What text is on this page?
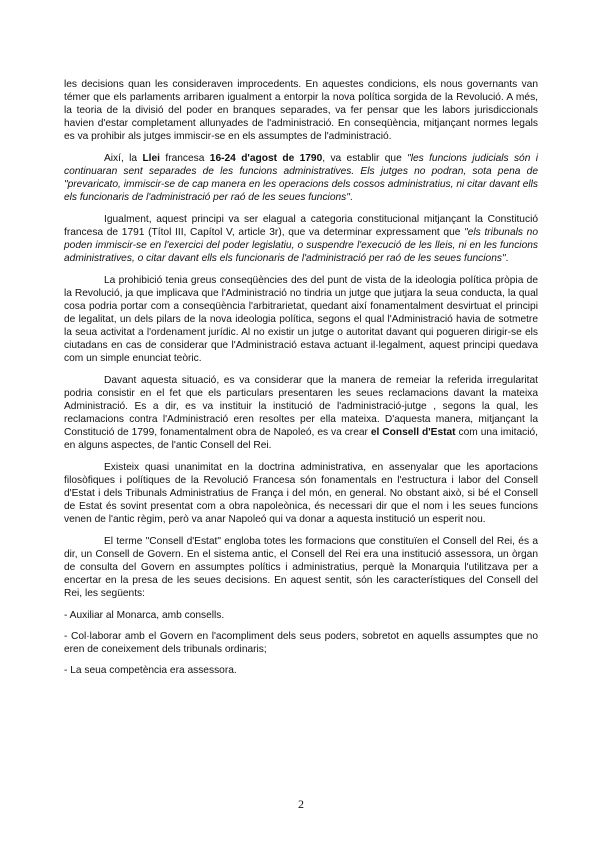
les decisions quan les consideraven improcedents. En aquestes condicions, els nous governants van témer que els parlaments arribaren igualment a entorpir la nova política sorgida de la Revolució. A més, la teoria de la divisió del poder en branques separades, va fer pensar que les labors jurisdiccionals havien d'estar completament allunyades de l'administració. En conseqüència, mitjançant normes legals es va prohibir als jutges immiscir-se en els assumptes de l'administració.

Així, la Llei francesa 16-24 d'agost de 1790, va establir que "les funcions judicials són i continuaran sent separades de les funcions administratives. Els jutges no podran, sota pena de "prevaricato, immiscir-se de cap manera en les operacions dels cossos administratius, ni citar davant ells els funcionaris de l'administració per raó de les seues funcions".

Igualment, aquest principi va ser elagual a categoria constitucional mitjançant la Constitució francesa de 1791 (Títol III, Capítol V, article 3r), que va determinar expressament que "els tribunals no poden immiscir-se en l'exercici del poder legislatiu, o suspendre l'execució de les lleis, ni en les funcions administratives, o citar davant ells els funcionaris de l'administració per raó de les seues funcions".

La prohibició tenia greus conseqüències des del punt de vista de la ideologia política pròpia de la Revolució, ja que implicava que l'Administració no tindria un jutge que jutjara la seua conducta, la qual cosa podria portar com a conseqüència l'arbitrarietat, quedant així fonamentalment desvirtuat el principi de legalitat, un dels pilars de la nova ideologia política, segons el qual l'Administració havia de sotmetre la seua activitat a l'ordenament jurídic. Al no existir un jutge o autoritat davant qui pogueren dirigir-se els ciutadans en cas de considerar que l'Administració estava actuant il·legalment, aquest principi quedava com un simple enunciat teòric.

Davant aquesta situació, es va considerar que la manera de remeiar la referida irregularitat podria consistir en el fet que els particulars presentaren les seues reclamacions davant la mateixa Administració. Es a dir, es va instituir la institució de l'administració-jutge , segons la qual, les reclamacions contra l'Administració eren resoltes per ella mateixa. D'aquesta manera, mitjançant la Constitució de 1799, fonamentalment obra de Napoleó, es va crear el Consell d'Estat com una imitació, en alguns aspectes, de l'antic Consell del Rei.

Existeix quasi unanimitat en la doctrina administrativa, en assenyalar que les aportacions filosòfiques i polítiques de la Revolució Francesa són fonamentals en l'estructura i labor del Consell d'Estat i dels Tribunals Administratius de França i del món, en general. No obstant això, si bé el Consell de Estat és sovint presentat com a obra napoleònica, és necessari dir que el nom i les seues funcions venen de l'antic règim, però va anar Napoleó qui va donar a aquesta institució un esperit nou.

El terme "Consell d'Estat" engloba totes les formacions que constituïen el Consell del Rei, és a dir, un Consell de Govern. En el sistema antic, el Consell del Rei era una institució assessora, un òrgan de consulta del Govern en assumptes polítics i administratius, perquè la Monarquia l'utilitzava per a encertar en la presa de les seues decisions. En aquest sentit, són les característiques del Consell del Rei, les següents:

- Auxiliar al Monarca, amb consells.

- Col·laborar amb el Govern en l'acompliment dels seus poders, sobretot en aquells assumptes que no eren de coneixement dels tribunals ordinaris;

- La seua competència era assessora.

2
